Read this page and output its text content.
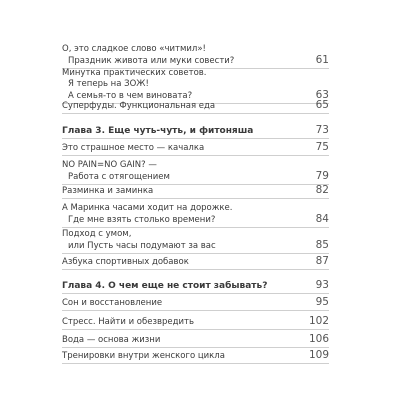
О, это сладкое слово «читмил»!
Праздник живота или муки совести?	61
Минутка практических советов.
Я теперь на ЗОЖ!
А семья-то в чем виновата?	63
Суперфуды. Функциональная еда	65
Глава 3. Еще чуть-чуть, и фитоняша	73
Это страшное место — качалка	75
NO PAIN=NO GAIN? —
Работа с отягощением	79
Разминка и заминка	82
А Маринка часами ходит на дорожке.
Где мне взять столько времени?	84
Подход с умом,
или Пусть часы подумают за вас	85
Азбука спортивных добавок	87
Глава 4. О чем еще не стоит забывать?	93
Сон и восстановление	95
Стресс. Найти и обезвредить	102
Вода — основа жизни	106
Тренировки внутри женского цикла	109
